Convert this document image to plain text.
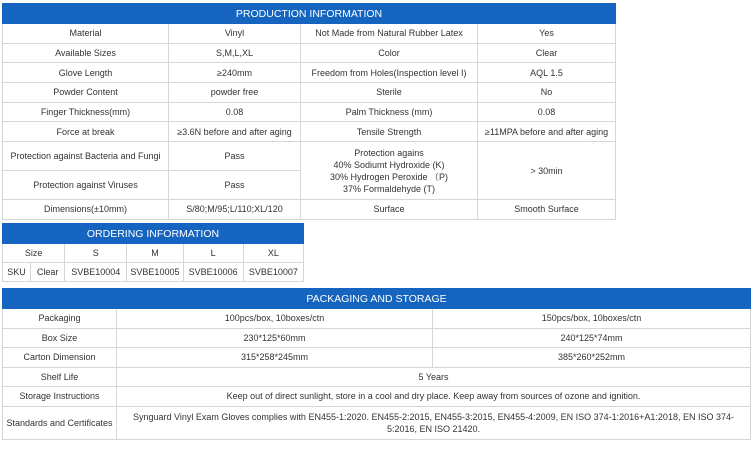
PRODUCTION INFORMATION			
Material	Vinyl	Not Made from Natural Rubber Latex	Yes
Available Sizes	S,M,L,XL	Color	Clear
Glove Length	≥240mm	Freedom from Holes(Inspection level I)	AQL 1.5
Powder Content	powder free	Sterile	No
Finger Thickness(mm)	0.08	Palm Thickness (mm)	0.08
Force at break	≥3.6N before and after aging	Tensile Strength	≥11MPA before and after aging
Protection against Bacteria and Fungi	Pass	Protection agains
40% Sodiumt Hydroxide (K)
30% Hydrogen Peroxide （P)
37% Formaldehyde (T)	> 30min
Protection against Viruses	Pass		
Dimensions(±10mm)	S/80;M/95;L/110;XL/120	Surface	Smooth Surface
ORDERING INFORMATION					
Size		S	M	L	XL
SKU	Clear	SVBE10004	SVBE10005	SVBE10006	SVBE10007
PACKAGING AND STORAGE		
Packaging	100pcs/box, 10boxes/ctn	150pcs/box, 10boxes/ctn
Box Size	230*125*60mm	240*125*74mm
Carton Dimension	315*258*245mm	385*260*252mm
Shelf Life	5 Years	
Storage Instructions	Keep out of direct sunlight, store in a cool and dry place. Keep away from sources of ozone and ignition.	
Standards and Certificates	Synguard Vinyl Exam Gloves complies with EN455-1:2020. EN455-2:2015, EN455-3:2015, EN455-4:2009, EN ISO 374-1:2016+A1:2018, EN ISO 374-5:2016, EN ISO 21420.	
